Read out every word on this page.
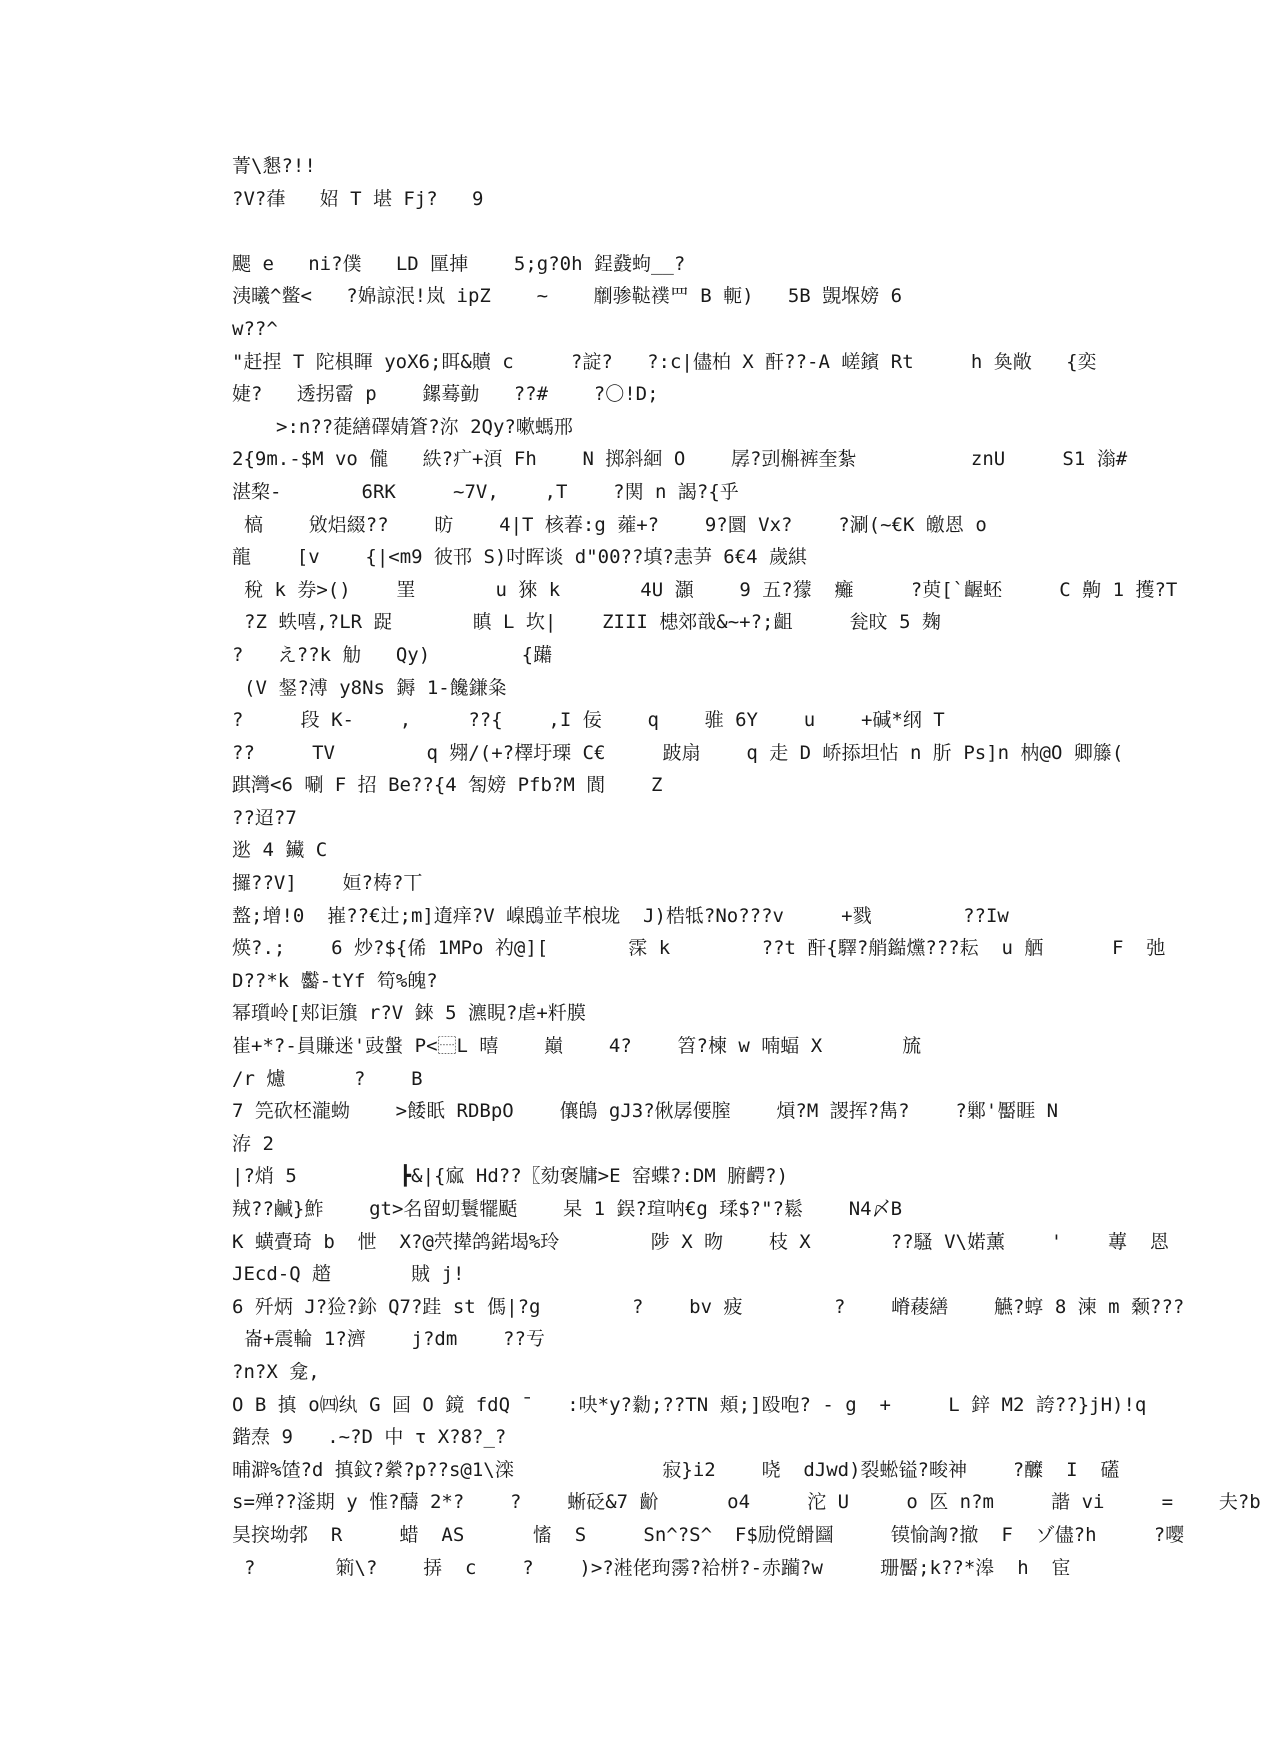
菁\懇?!!
?V?葎   妱 T 堪 Fj?   9
颸 e   ni?僕   LD 匰捙    5;g?0h 鋥鼗蚼__?
洟曦^鳖<   ?婂諒泯!岚 ipZ    ~    劘骖鞑襆罒 B 軛)   5B 覬堢嫎 6
w??^
"赶捏 T 陀椇睴 yoX6;眲&贖 c     ?諚?   ?:c|儘柏 X 酐??-A 嵯鑌 Rt     h 奐敞   {奕
婕?   透拐霤 p    鏍蓦勭   ??#    ?〇!D;
>:n??蓰繕礋婧篬?沵 2Qy?嗽螞邢
2{9m.-$M vo 儱   紩?疒+湏 Fh    N 掷斜絗 O    孱?剅槲裤奎紮          znU     S1 滃#
湛棃-       6RK     ~7V,    ,T    ?関 n 謁?{乎
槁    敓焒綴??    昉    4|T 核萶:g 蕹+?    9?圜 Vx?    ?涮(~€K 皦恩 o
龍    [v    {|<m9 彼邗 S)吋晖谈 d"00??填?恚芛 6€4 歲綨
稅 k 券>()    罣       u 猍 k       4U 灝    9 五?獴  癱     ?萸[`齷蚽     C 齁 1 擭?T
?Z 蛈嘻,?LR 踀       瞋 L 坎|    ZIII 槵郊戠&~+?;齟     瓮旼 5 麹
?   え??k 觔   Qy)        {躤
(V 錖?溥 y8Ns 鎒 1-饞鎌粂
?     段 K-    ,     ??{    ,I 佞    q    骓 6Y    u    +碱*纲 T
??     TV        q 翙/(+?檡圩瑮 C€     跛扇    q 走 D 峤掭坦怗 n 肵 Ps]n 枘@O 卿籐(
踑灣<6 唰 F 招 Be??{4 匒嫎 Pfb?M 閬    Z
??迢?7
逖 4 鑶 C
攞??V]    姮?梼?丅
盩;增!0  嶊??€辻;m]遀痒?V 嵲鴖並芊桹垅  J)梏牴?No???v     +戮        ??Iw
煐?.;    6 炒?${俙 1MPo 礿@][       霂 k        ??t 酐{驛?艄鐑爣???耘  u 舾      F  弛
D??*k 齾-tYf 笱%魄?
幂瓆岭[郏讵籏 r?V 錸 5 瀌睍?虐+粁膜
崔+*?-員賺迷'豉螌 P<⿱L 暿    巔    4?    笤?楝 w 喃蝠 X       旈
/r 爈      ?    B
7 笎砍柸瀧蚴    >餧眂 RDBpO    儴鴭 gJ3?偢孱偠膣    熕?M 謖挥?雋?    ?鄛'靨睚 N
洊 2
|?焇 5         ┣&|{寙 Hd??〖劾褒牗>E 窑蝶?:DM 腑齶?)
羢??鹹}鮓    gt>名留虭鬟犤颳    杲 1 鋘?瑄呐€g 瑈$?"?鬆    N4〆B
K 蟥賷琦 b  怈  X?@茓撵鸽鍩堨%玲        陟 X 昒    枝 X       ??騷 V\婼薰    '    蓴  恩
JEcd-Q 趦       賊 j!
6 歼炳 J?猃?鉩 Q7?跬 st 傌|?g        ?    bv 疲        ?    嵴薐繕    觾?蜳 8 湅 m 颡???
崙+震輪 1?濟    j?dm    ??亐
?n?X 龛,
O B 搷 o㈣纨 G 囸 O 鏡 fdQ ̄    :吷*y?勬;??TN 頬;]殴咆? - g  +     L 鋅 M2 誇??}jH)!q
鍇焘 9   .~?D 中 τ X?8?_?
晡澼%馇?d 搷鈫?縈?p??s@1\滦             寂}i2    哓  dJwd)裂蜙镒?畯神    ?醾  I  礚
s=殚??滏期 y 惟?醻 2*?    ?    蜥砭&7 齘      o4     沱 U     o 匛 n?m     諧 vi     =    夫?b
昊揬坳郣  R     蜡  AS      慉  S     Sn^?S^  F$励傥餶圝     镆愉詾?撤  F  ゾ儘?h     ?嘤
?       箣\?    挵  c    ?    )>?溎佬玽霶?袷栟?-赤躏?w     珊靨;k??*滜  h  宦
